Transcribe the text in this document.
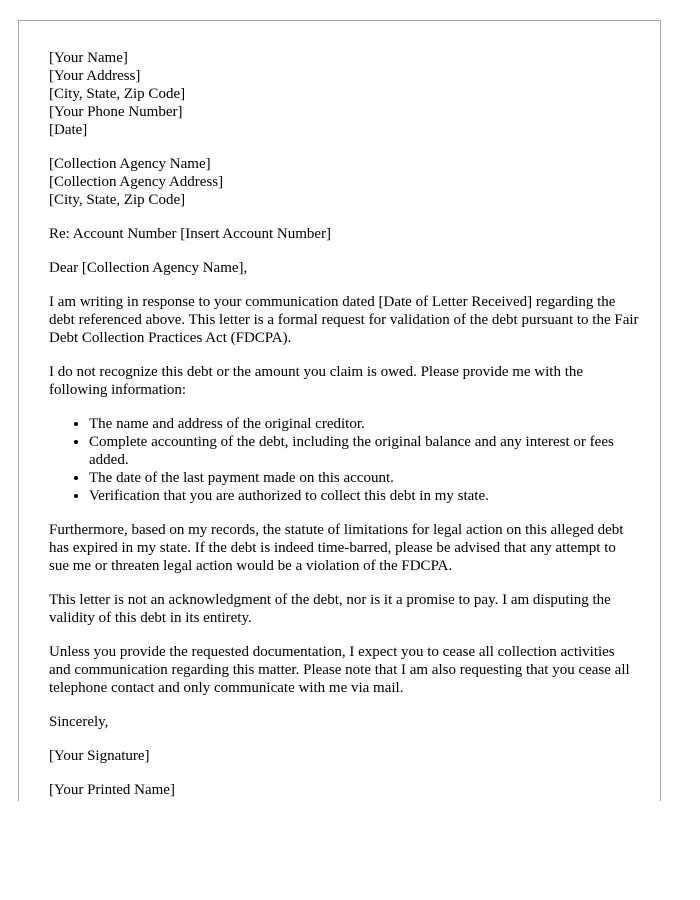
[Your Name]
[Your Address]
[City, State, Zip Code]
[Your Phone Number]
[Date]
[Collection Agency Name]
[Collection Agency Address]
[City, State, Zip Code]

Re: Account Number [Insert Account Number]

Dear [Collection Agency Name],

I am writing in response to your communication dated [Date of Letter Received] regarding the debt referenced above. This letter is a formal request for validation of the debt pursuant to the Fair Debt Collection Practices Act (FDCPA).

I do not recognize this debt or the amount you claim is owed. Please provide me with the following information:

• The name and address of the original creditor.
• Complete accounting of the debt, including the original balance and any interest or fees added.
• The date of the last payment made on this account.
• Verification that you are authorized to collect this debt in my state.

Furthermore, based on my records, the statute of limitations for legal action on this alleged debt has expired in my state. If the debt is indeed time-barred, please be advised that any attempt to sue me or threaten legal action would be a violation of the FDCPA.

This letter is not an acknowledgment of the debt, nor is it a promise to pay. I am disputing the validity of this debt in its entirety.

Unless you provide the requested documentation, I expect you to cease all collection activities and communication regarding this matter. Please note that I am also requesting that you cease all telephone contact and only communicate with me via mail.

Sincerely,

[Your Signature]

[Your Printed Name]
